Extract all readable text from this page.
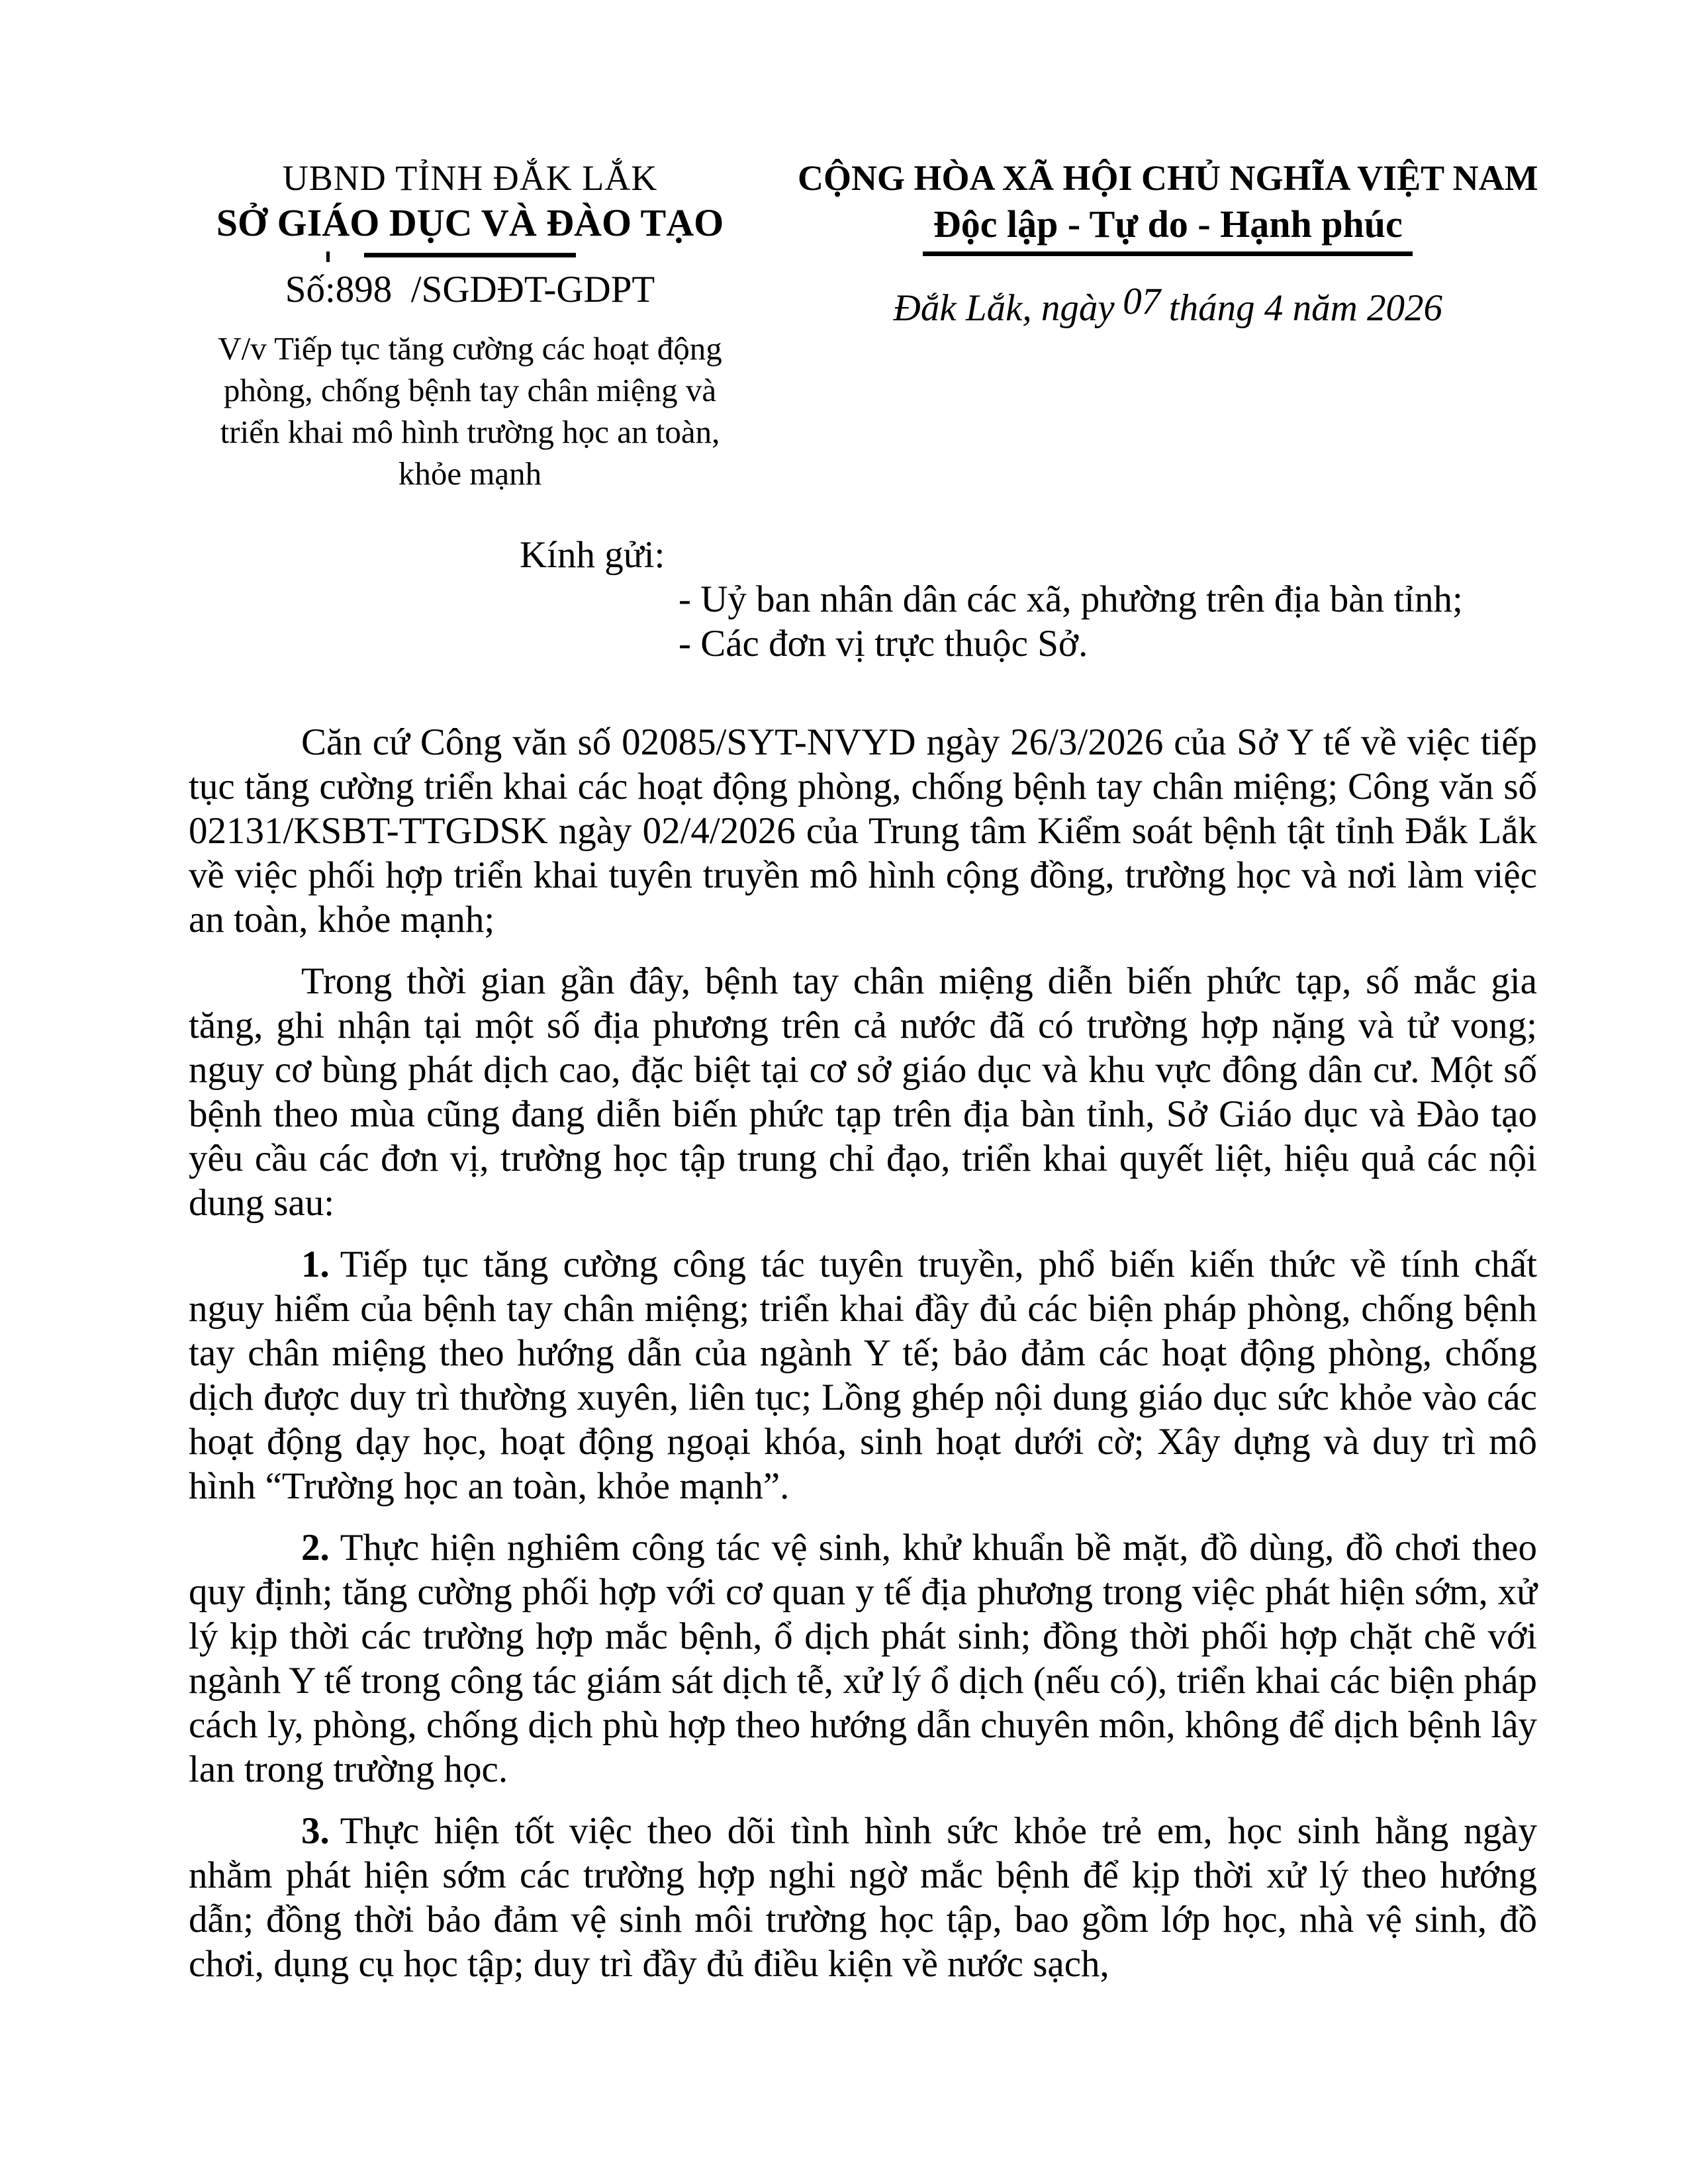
UBND TỈNH ĐẮK LẮK
SỞ GIÁO DỤC VÀ ĐÀO TẠO
Số:898  /SGDĐT-GDPT
V/v Tiếp tục tăng cường các hoạt động
phòng, chống bệnh tay chân miệng và
triển khai mô hình trường học an toàn,
khỏe mạnh
CỘNG HÒA XÃ HỘI CHỦ NGHĨA VIỆT NAM
Độc lập - Tự do - Hạnh phúc
Đắk Lắk, ngày 07 tháng 4 năm 2026
Kính gửi:
- Uỷ ban nhân dân các xã, phường trên địa bàn tỉnh;
- Các đơn vị trực thuộc Sở.

Căn cứ Công văn số 02085/SYT-NVYD ngày 26/3/2026 của Sở Y tế về việc tiếp tục tăng cường triển khai các hoạt động phòng, chống bệnh tay chân miệng; Công văn số 02131/KSBT-TTGDSK ngày 02/4/2026 của Trung tâm Kiểm soát bệnh tật tỉnh Đắk Lắk về việc phối hợp triển khai tuyên truyền mô hình cộng đồng, trường học và nơi làm việc an toàn, khỏe mạnh;

Trong thời gian gần đây, bệnh tay chân miệng diễn biến phức tạp, số mắc gia tăng, ghi nhận tại một số địa phương trên cả nước đã có trường hợp nặng và tử vong; nguy cơ bùng phát dịch cao, đặc biệt tại cơ sở giáo dục và khu vực đông dân cư. Một số bệnh theo mùa cũng đang diễn biến phức tạp trên địa bàn tỉnh, Sở Giáo dục và Đào tạo yêu cầu các đơn vị, trường học tập trung chỉ đạo, triển khai quyết liệt, hiệu quả các nội dung sau:

1. Tiếp tục tăng cường công tác tuyên truyền, phổ biến kiến thức về tính chất nguy hiểm của bệnh tay chân miệng; triển khai đầy đủ các biện pháp phòng, chống bệnh tay chân miệng theo hướng dẫn của ngành Y tế; bảo đảm các hoạt động phòng, chống dịch được duy trì thường xuyên, liên tục; Lồng ghép nội dung giáo dục sức khỏe vào các hoạt động dạy học, hoạt động ngoại khóa, sinh hoạt dưới cờ; Xây dựng và duy trì mô hình “Trường học an toàn, khỏe mạnh”.

2. Thực hiện nghiêm công tác vệ sinh, khử khuẩn bề mặt, đồ dùng, đồ chơi theo quy định; tăng cường phối hợp với cơ quan y tế địa phương trong việc phát hiện sớm, xử lý kịp thời các trường hợp mắc bệnh, ổ dịch phát sinh; đồng thời phối hợp chặt chẽ với ngành Y tế trong công tác giám sát dịch tễ, xử lý ổ dịch (nếu có), triển khai các biện pháp cách ly, phòng, chống dịch phù hợp theo hướng dẫn chuyên môn, không để dịch bệnh lây lan trong trường học.

3. Thực hiện tốt việc theo dõi tình hình sức khỏe trẻ em, học sinh hằng ngày nhằm phát hiện sớm các trường hợp nghi ngờ mắc bệnh để kịp thời xử lý theo hướng dẫn; đồng thời bảo đảm vệ sinh môi trường học tập, bao gồm lớp học, nhà vệ sinh, đồ chơi, dụng cụ học tập; duy trì đầy đủ điều kiện về nước sạch,
